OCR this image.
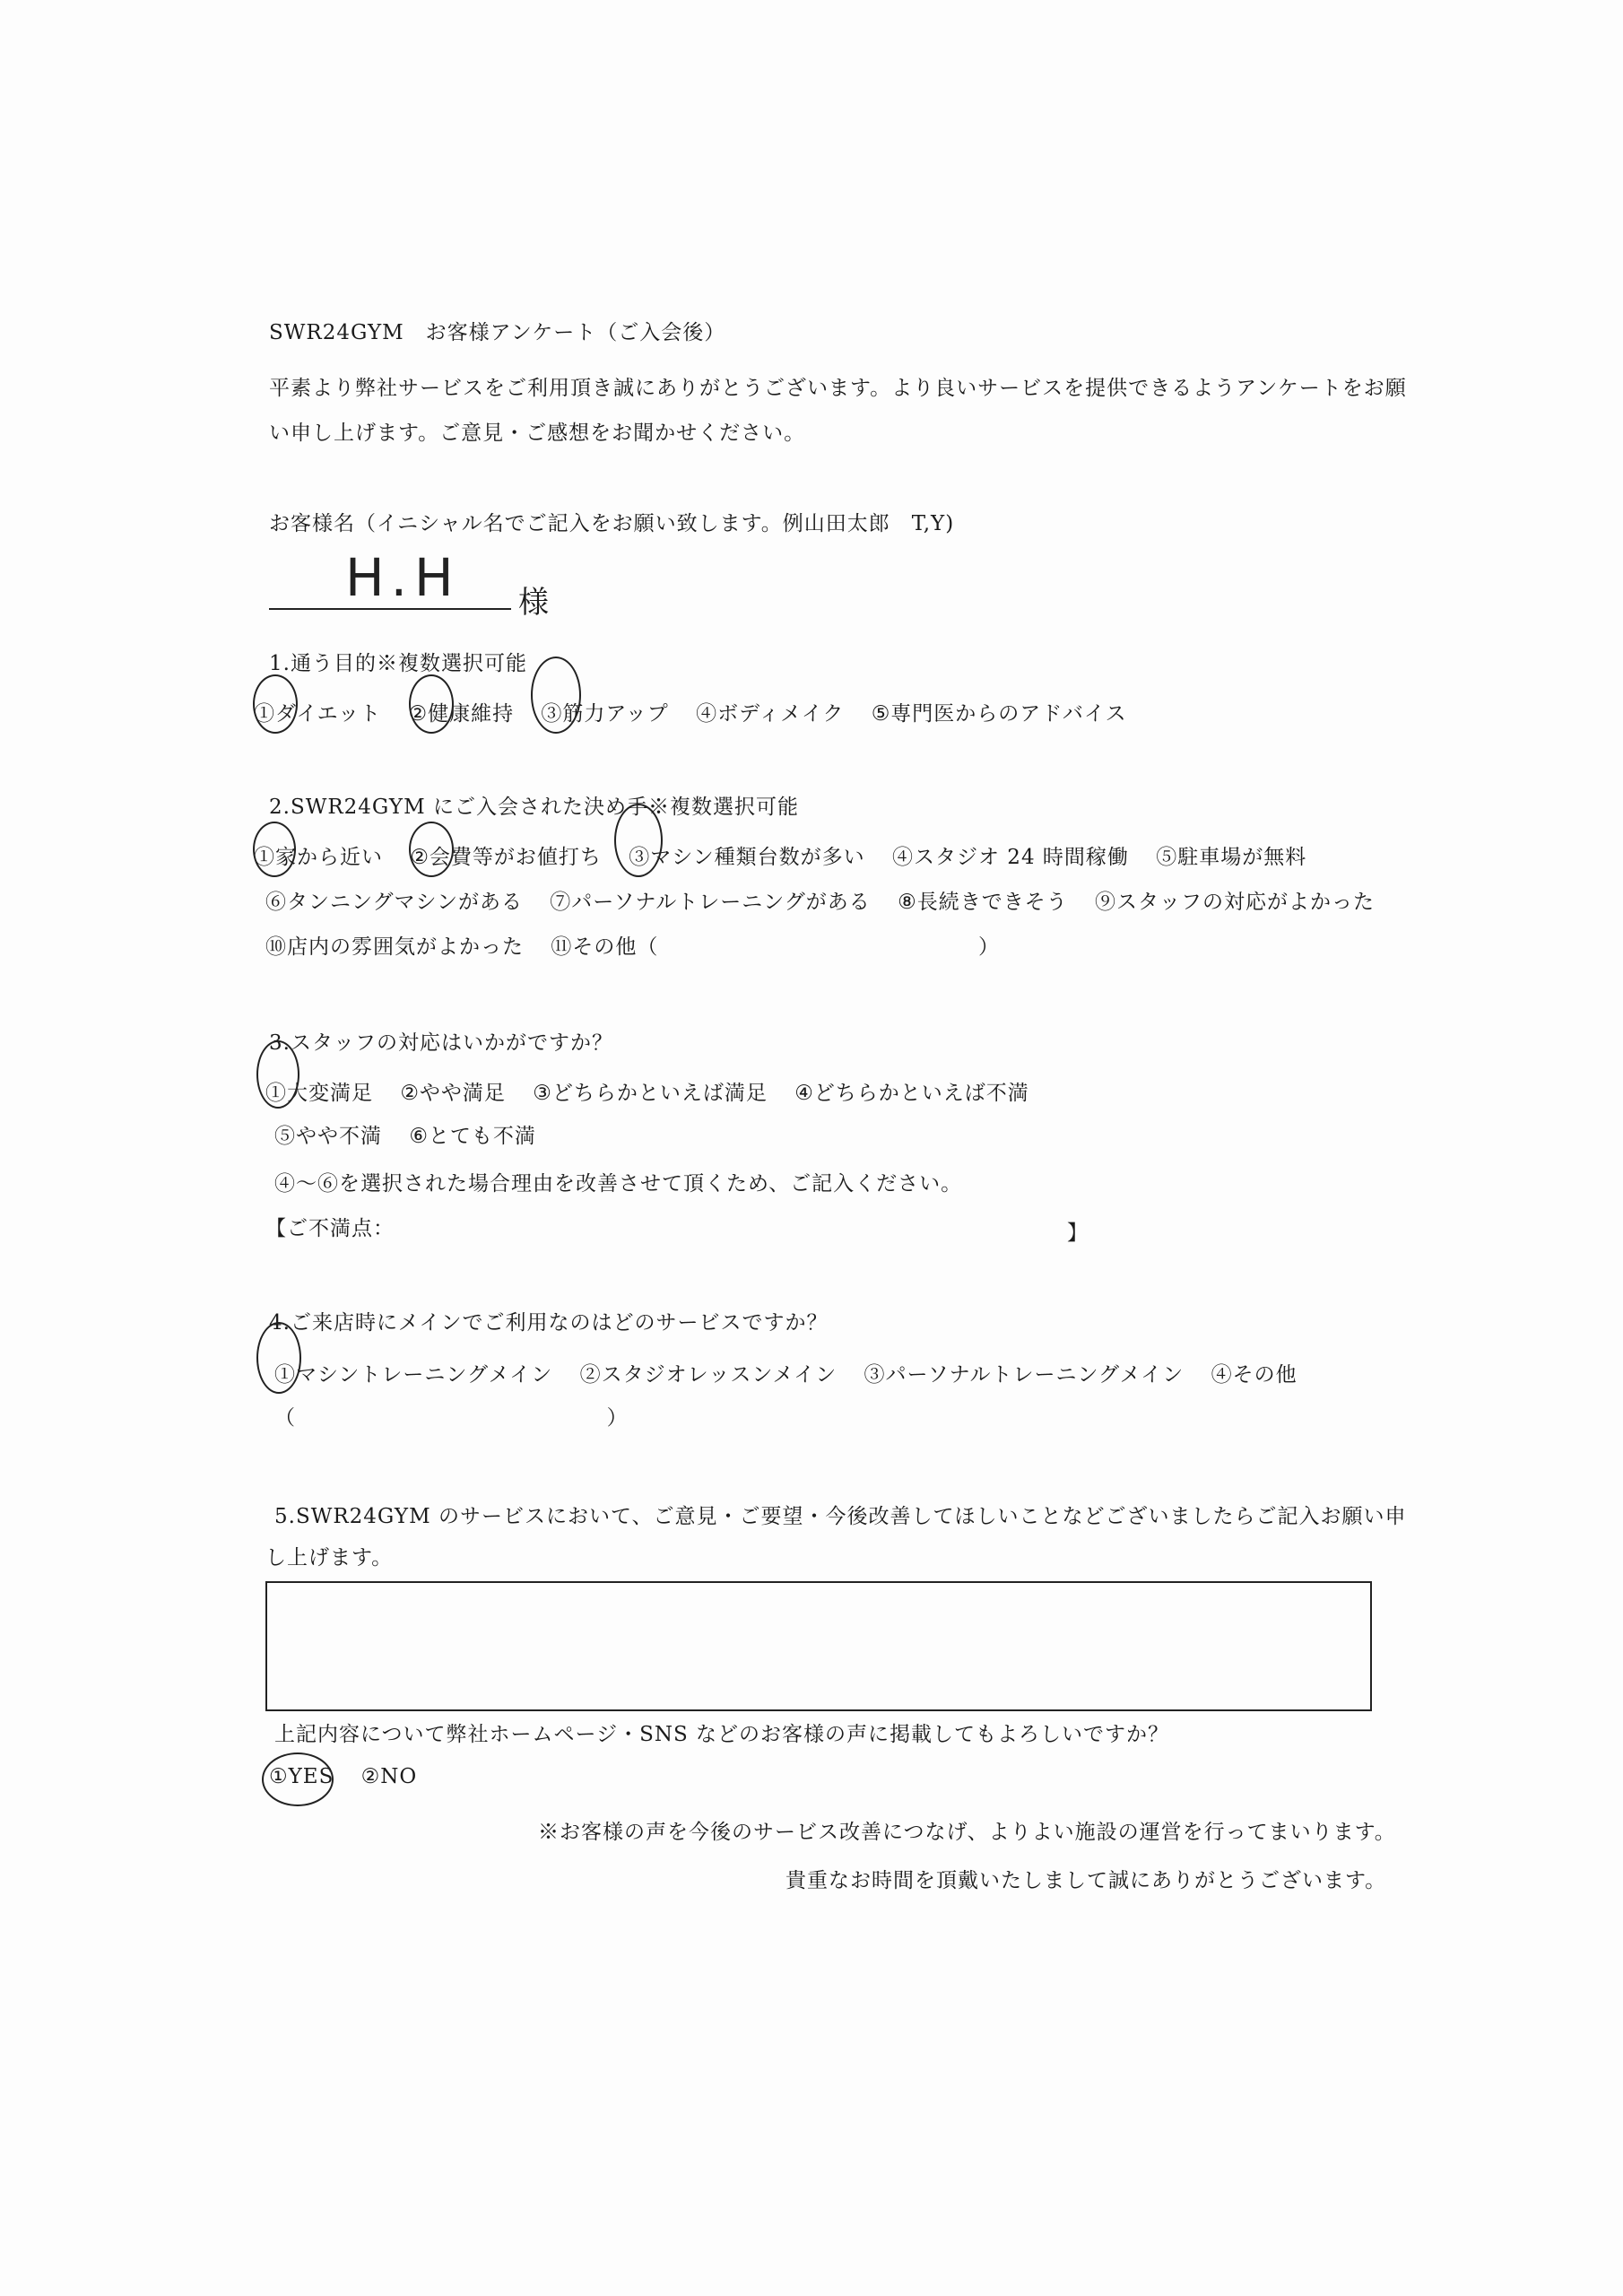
SWR24GYM　お客様アンケート（ご入会後）
平素より弊社サービスをご利用頂き誠にありがとうございます。より良いサービスを提供できるようアンケートをお願
い申し上げます。ご意見・ご感想をお聞かせください。
お客様名（イニシャル名でご記入をお願い致します。例山田太郎　T,Y)
H.H 様
1.通う目的※複数選択可能
①ダイエット ②健康維持 ③筋力アップ ④ボディメイク ⑤専門医からのアドバイス
2.SWR24GYM にご入会された決め手※複数選択可能
①家から近い ②会費等がお値打ち ③マシン種類台数が多い ④スタジオ 24 時間稼働 ⑤駐車場が無料
⑥タンニングマシンがある ⑦パーソナルトレーニングがある ⑧長続きできそう ⑨スタッフの対応がよかった
⑩店内の雰囲気がよかった ⑪その他（	）
3.スタッフの対応はいかがですか？
①大変満足 ②やや満足 ③どちらかといえば満足 ④どちらかといえば不満
⑤やや不満 ⑥とても不満
④～⑥を選択された場合理由を改善させて頂くため、ご記入ください。
【ご不満点：	】
4.ご来店時にメインでご利用なのはどのサービスですか？
①マシントレーニングメイン ②スタジオレッスンメイン ③パーソナルトレーニングメイン ④その他
（	）
5.SWR24GYM のサービスにおいて、ご意見・ご要望・今後改善してほしいことなどございましたらご記入お願い申
し上げます。
上記内容について弊社ホームページ・SNS などのお客様の声に掲載してもよろしいですか？
①YES ②NO
※お客様の声を今後のサービス改善につなげ、よりよい施設の運営を行ってまいります。
貴重なお時間を頂戴いたしまして誠にありがとうございます。
